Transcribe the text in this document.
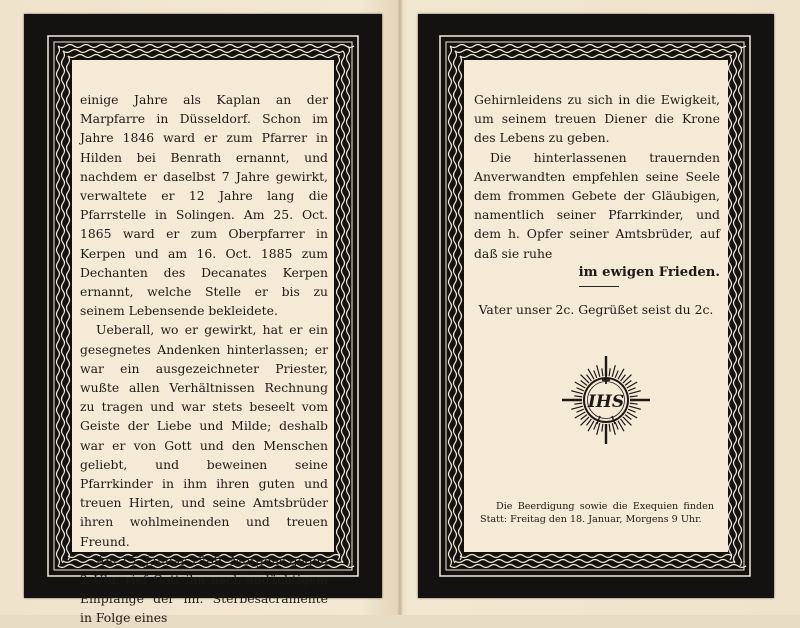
einige Jahre als Kaplan an der Marpfarre in Düsseldorf. Schon im Jahre 1846 ward er zum Pfarrer in Hilden bei Benrath ernannt, und nachdem er daselbst 7 Jahre gewirkt, verwaltete er 12 Jahre lang die Pfarrstelle in Solingen. Am 25. Oct. 1865 ward er zum Oberpfarrer in Kerpen und am 16. Oct. 1885 zum Dechanten des Decanates Kerpen ernannt, welche Stelle er bis zu seinem Lebensende bekleidete.

Ueberall, wo er gewirkt, hat er ein gesegnetes Andenken hinterlassen; er war ein ausgezeichneter Priester, wußte allen Verhältnissen Rechnung zu tragen und war stets beseelt vom Geiste der Liebe und Milde; deshalb war er von Gott und den Menschen geliebt, und beweinen seine Pfarrkinder in ihm ihren guten und treuen Hirten, und seine Amtsbrüder ihren wohlmeinenden und treuen Freund.

Am 15. Januar 1889, Morgens gegen 2 Uhr, rief Gott ihn nach andächtigem Empfange der hh. Sterbesacramente in Folge eines

Gehirnleidens zu sich in die Ewigkeit, um seinem treuen Diener die Krone des Lebens zu geben.

Die hinterlassenen trauernden Anverwandten empfehlen seine Seele dem frommen Gebete der Gläubigen, namentlich seiner Pfarrkinder, und dem h. Opfer seiner Amtsbrüder, auf daß sie ruhe

im ewigen Frieden.

Vater unser 2c. Gegrüßet seist du 2c.
IHS

Die Beerdigung sowie die Exequien finden Statt: Freitag den 18. Januar, Morgens 9 Uhr.
